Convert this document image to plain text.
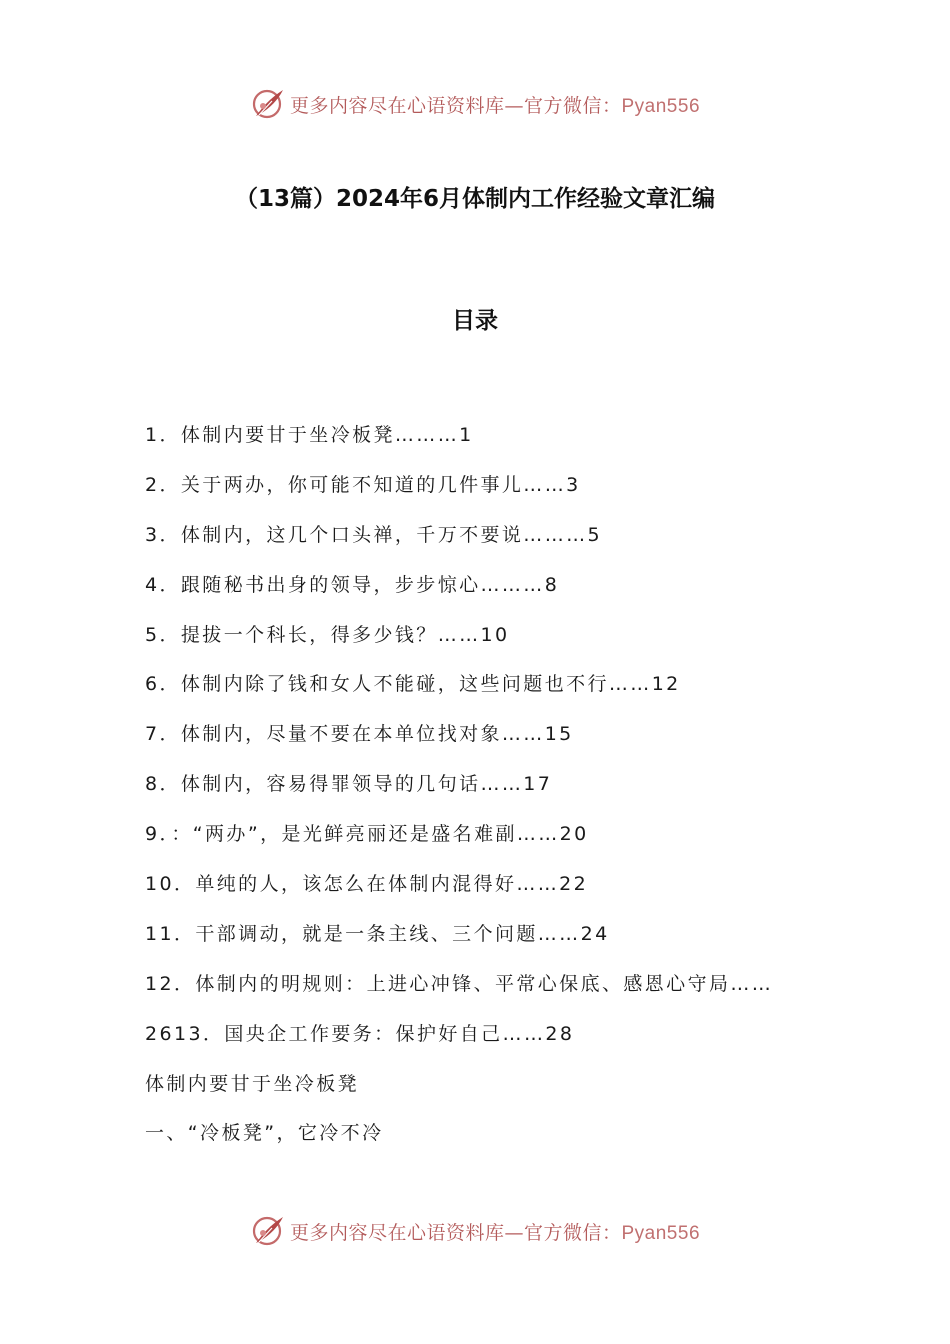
更多内容尽在心语资料库—官方微信：Pyan556
（13篇）2024年6月体制内工作经验文章汇编
目录
1．体制内要甘于坐冷板凳………1
2．关于两办，你可能不知道的几件事儿……3
3．体制内，这几个口头禅，千万不要说………5
4．跟随秘书出身的领导，步步惊心………8
5．提拔一个科长，得多少钱？……10
6．体制内除了钱和女人不能碰，这些问题也不行……12
7．体制内，尽量不要在本单位找对象……15
8．体制内，容易得罪领导的几句话……17
9．：“两办”，是光鲜亮丽还是盛名难副……20
10．单纯的人，该怎么在体制内混得好……22
11．干部调动，就是一条主线、三个问题……24
12．体制内的明规则：上进心冲锋、平常心保底、感恩心守局……
2613．国央企工作要务：保护好自己……28
体制内要甘于坐冷板凳
一、“冷板凳”，它冷不冷
更多内容尽在心语资料库—官方微信：Pyan556
